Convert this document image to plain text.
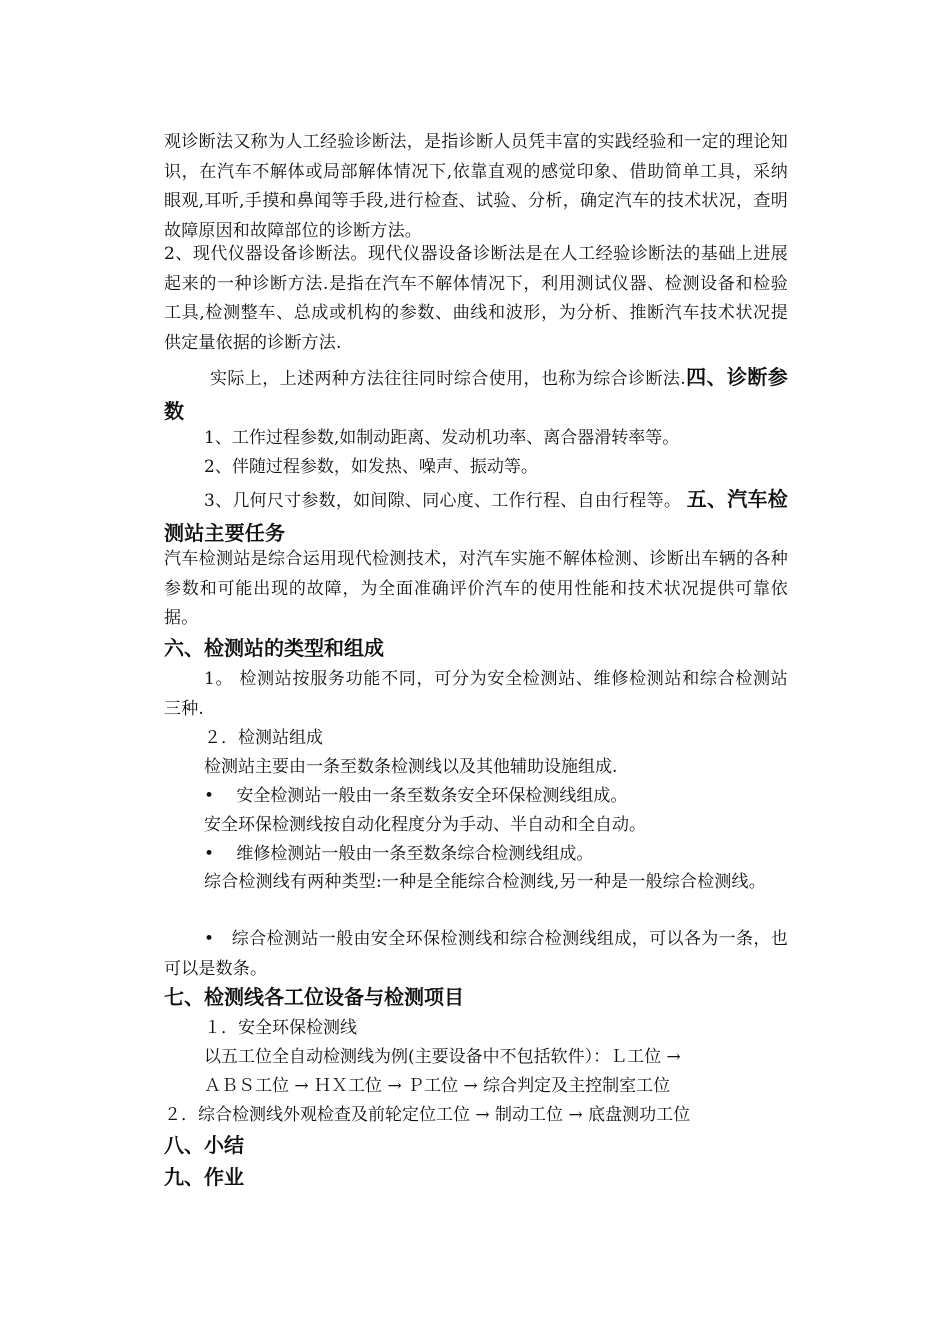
观诊断法又称为人工经验诊断法，是指诊断人员凭丰富的实践经验和一定的理论知识，在汽车不解体或局部解体情况下,依靠直观的感觉印象、借助简单工具，采纳眼观,耳听,手摸和鼻闻等手段,进行检查、试验、分析，确定汽车的技术状况，查明故障原因和故障部位的诊断方法。

2、现代仪器设备诊断法。现代仪器设备诊断法是在人工经验诊断法的基础上进展起来的一种诊断方法.是指在汽车不解体情况下，利用测试仪器、检测设备和检验工具,检测整车、总成或机构的参数、曲线和波形，为分析、推断汽车技术状况提供定量依据的诊断方法.

实际上，上述两种方法往往同时综合使用，也称为综合诊断法.四、诊断参数

1、工作过程参数,如制动距离、发动机功率、离合器滑转率等。

2、伴随过程参数，如发热、噪声、振动等。

3、几何尺寸参数，如间隙、同心度、工作行程、自由行程等。 五、汽车检测站主要任务

汽车检测站是综合运用现代检测技术，对汽车实施不解体检测、诊断出车辆的各种参数和可能出现的故障，为全面准确评价汽车的使用性能和技术状况提供可靠依据。

六、检测站的类型和组成

1。 检测站按服务功能不同，可分为安全检测站、维修检测站和综合检测站三种.

２．检测站组成

检测站主要由一条至数条检测线以及其他辅助设施组成.

•　 安全检测站一般由一条至数条安全环保检测线组成。

安全环保检测线按自动化程度分为手动、半自动和全自动。

•　 维修检测站一般由一条至数条综合检测线组成。

综合检测线有两种类型:一种是全能综合检测线,另一种是一般综合检测线。

•　综合检测站一般由安全环保检测线和综合检测线组成，可以各为一条，也可以是数条。

七、检测线各工位设备与检测项目

１．安全环保检测线

以五工位全自动检测线为例(主要设备中不包括软件）：Ｌ工位 →

ＡＢＳ工位 → ＨＸ工位 → Ｐ工位 → 综合判定及主控制室工位

２．综合检测线外观检查及前轮定位工位 → 制动工位 → 底盘测功工位

八、小结

九、作业
